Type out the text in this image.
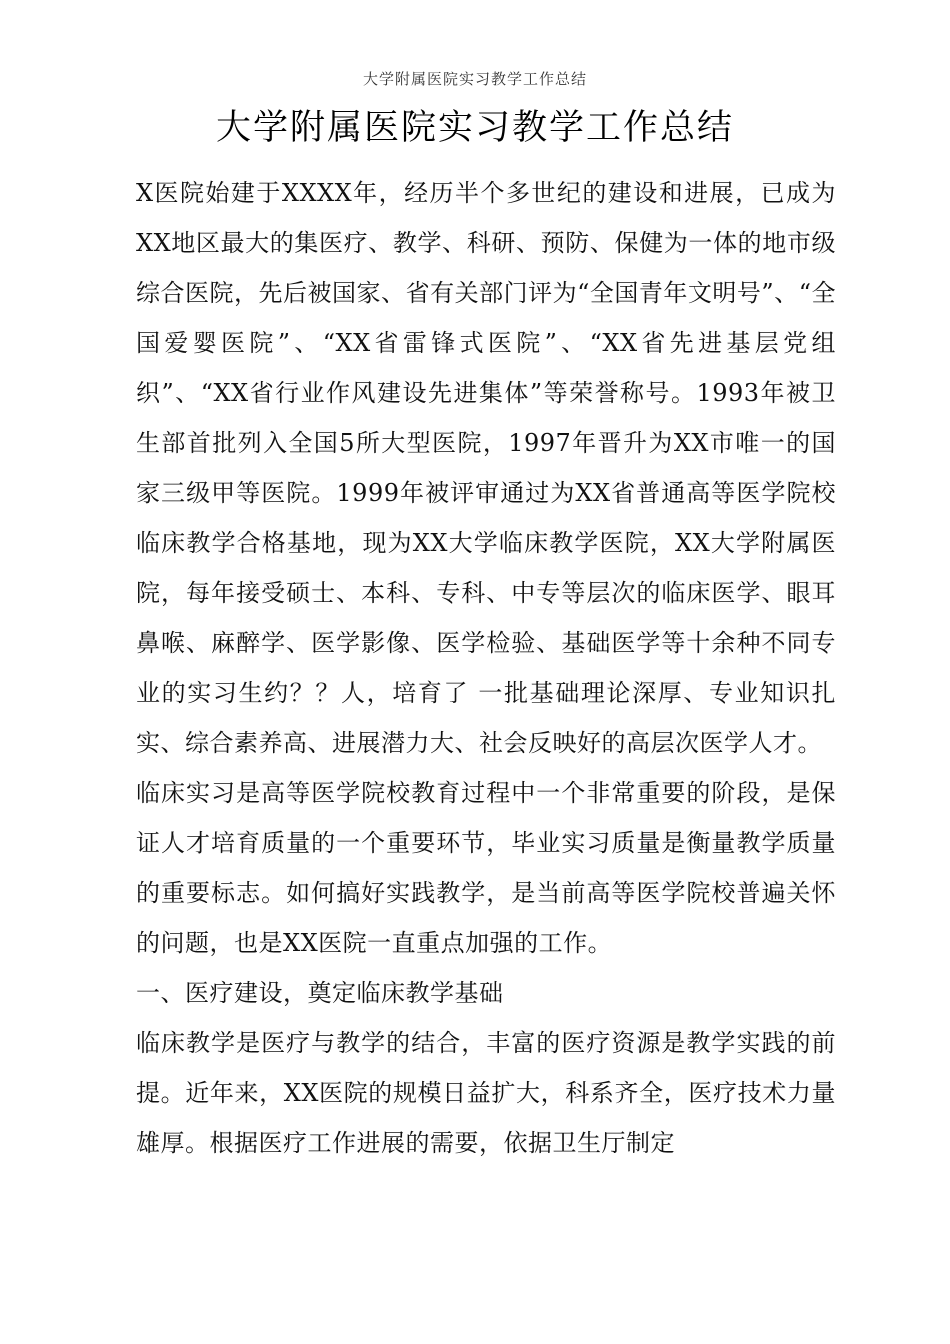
大学附属医院实习教学工作总结
大学附属医院实习教学工作总结

X医院始建于XXXX年，经历半个多世纪的建设和进展，已成为XX地区最大的集医疗、教学、科研、预防、保健为一体的地市级综合医院，先后被国家、省有关部门评为“全国青年文明号”、“全国爱婴医院”、“XX省雷锋式医院”、“XX省先进基层党组织”、“XX省行业作风建设先进集体”等荣誉称号。1993年被卫生部首批列入全国5所大型医院，1997年晋升为XX市唯一的国家三级甲等医院。1999年被评审通过为XX省普通高等医学院校临床教学合格基地，现为XX大学临床教学医院，XX大学附属医院，每年接受硕士、本科、专科、中专等层次的临床医学、眼耳鼻喉、麻醉学、医学影像、医学检验、基础医学等十余种不同专业的实习生约？？人，培育了 一批基础理论深厚、专业知识扎实、综合素养高、进展潜力大、社会反映好的高层次医学人才。

临床实习是高等医学院校教育过程中一个非常重要的阶段，是保证人才培育质量的一个重要环节，毕业实习质量是衡量教学质量的重要标志。如何搞好实践教学，是当前高等医学院校普遍关怀的问题，也是XX医院一直重点加强的工作。

一、医疗建设，奠定临床教学基础

临床教学是医疗与教学的结合，丰富的医疗资源是教学实践的前提。近年来，XX医院的规模日益扩大，科系齐全，医疗技术力量雄厚。根据医疗工作进展的需要，依据卫生厅制定
